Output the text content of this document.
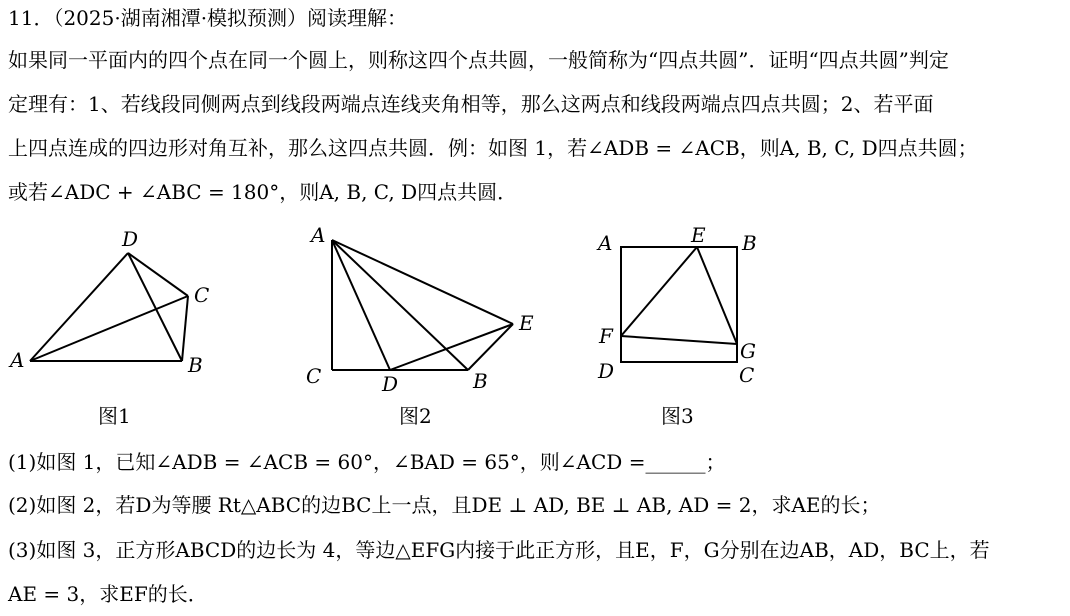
11．（2025·湖南湘潭·模拟预测）阅读理解：
如果同一平面内的四个点在同一个圆上，则称这四个点共圆，一般简称为“四点共圆”．证明“四点共圆”判定
定理有：1、若线段同侧两点到线段两端点连线夹角相等，那么这两点和线段两端点四点共圆；2、若平面
上四点连成的四边形对角互补，那么这四点共圆．例：如图 1，若∠ADB = ∠ACB，则A, B, C, D四点共圆；
或若∠ADC + ∠ABC = 180°，则A, B, C, D四点共圆．
A	B
C
D
图1
A
B
C	D
E
图2
A	B
C
D
E
F
G
图3
(1)如图 1，已知∠ADB = ∠ACB = 60°，∠BAD = 65°，则∠ACD =______；
(2)如图 2，若D为等腰 Rt△ABC的边BC上一点，且DE ⊥ AD, BE ⊥ AB, AD = 2，求AE的长；
(3)如图 3，正方形ABCD的边长为 4，等边△EFG内接于此正方形，且E，F，G分别在边AB，AD，BC上，若
AE = 3，求EF的长．
